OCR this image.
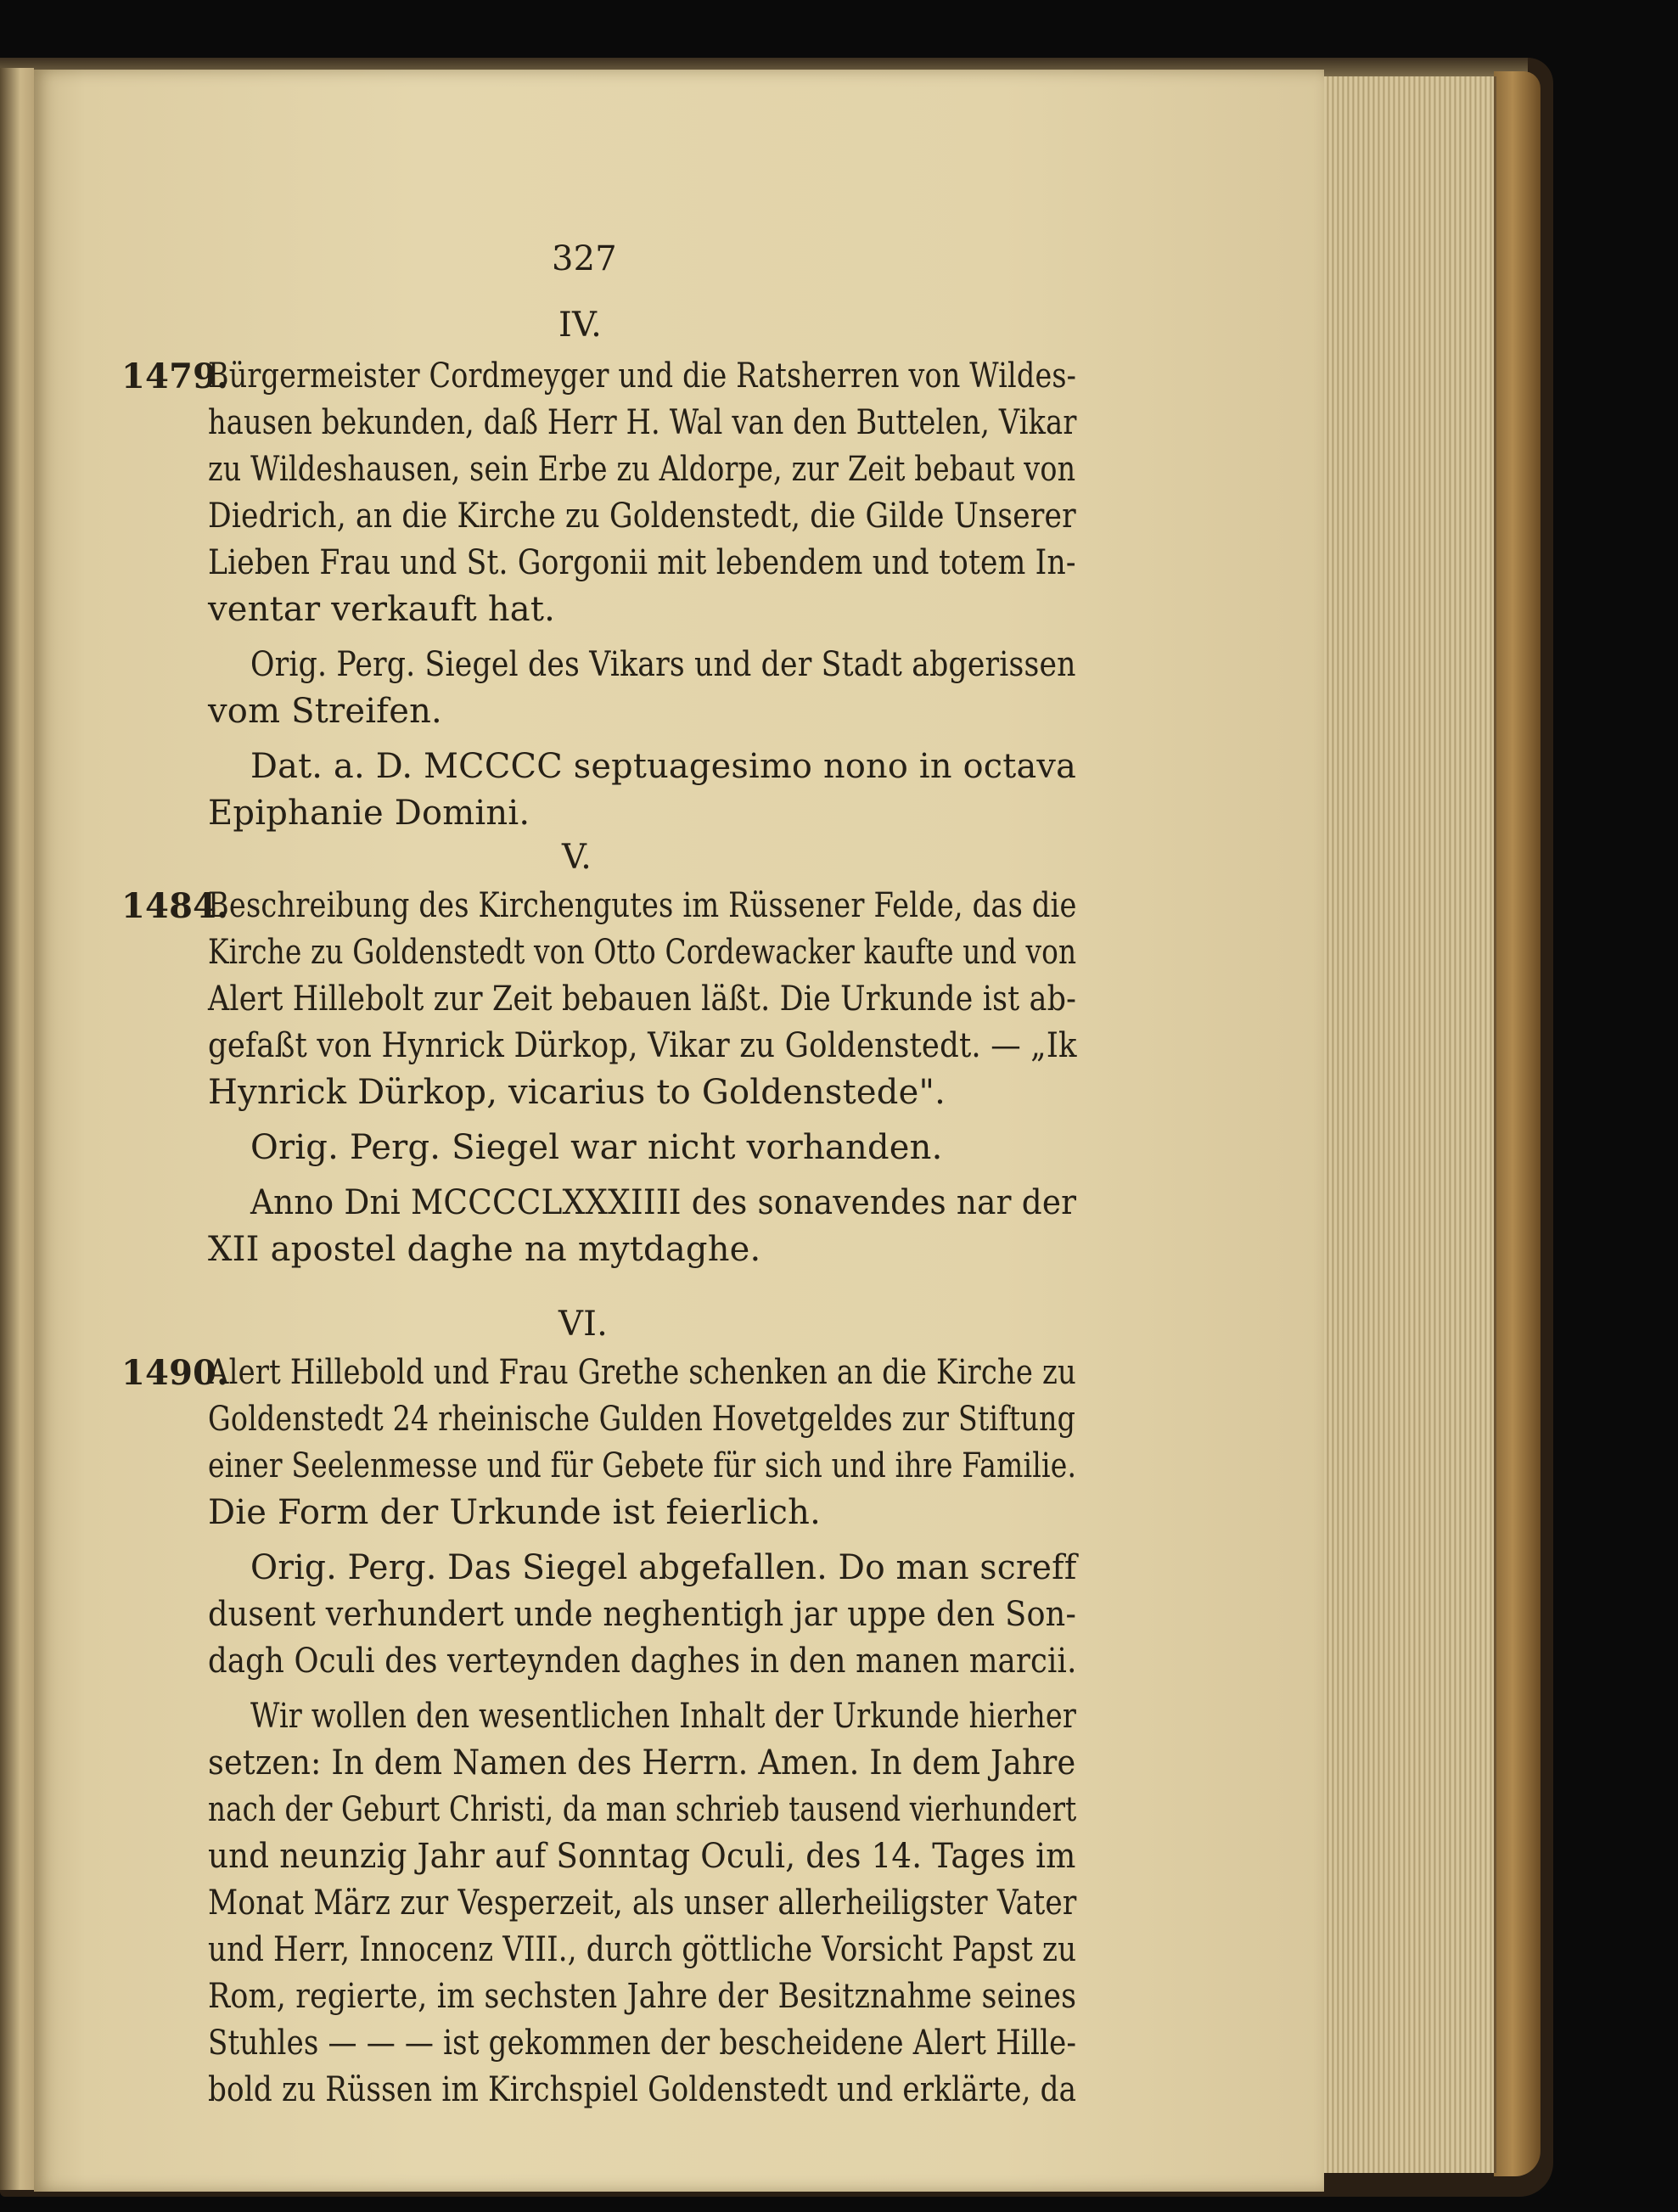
327
IV.
1479.
Bürgermeister Cordmeyger und die Ratsherren von Wildes-
hausen bekunden, daß Herr H. Wal van den Buttelen, Vikar
zu Wildeshausen, sein Erbe zu Aldorpe, zur Zeit bebaut von
Diedrich, an die Kirche zu Goldenstedt, die Gilde Unserer
Lieben Frau und St. Gorgonii mit lebendem und totem In-
ventar verkauft hat.
Orig. Perg. Siegel des Vikars und der Stadt abgerissen
vom Streifen.
Dat. a. D. MCCCC septuagesimo nono in octava
Epiphanie Domini.
V.
1484.
Beschreibung des Kirchengutes im Rüssener Felde, das die
Kirche zu Goldenstedt von Otto Cordewacker kaufte und von
Alert Hillebolt zur Zeit bebauen läßt. Die Urkunde ist ab-
gefaßt von Hynrick Dürkop, Vikar zu Goldenstedt. — „Ik
Hynrick Dürkop, vicarius to Goldenstede".
Orig. Perg. Siegel war nicht vorhanden.
Anno Dni MCCCCLXXXIIII des sonavendes nar der
XII apostel daghe na mytdaghe.
VI.
1490.
Alert Hillebold und Frau Grethe schenken an die Kirche zu
Goldenstedt 24 rheinische Gulden Hovetgeldes zur Stiftung
einer Seelenmesse und für Gebete für sich und ihre Familie.
Die Form der Urkunde ist feierlich.
Orig. Perg. Das Siegel abgefallen. Do man screff
dusent verhundert unde neghentigh jar uppe den Son-
dagh Oculi des verteynden daghes in den manen marcii.
Wir wollen den wesentlichen Inhalt der Urkunde hierher
setzen: In dem Namen des Herrn. Amen. In dem Jahre
nach der Geburt Christi, da man schrieb tausend vierhundert
und neunzig Jahr auf Sonntag Oculi, des 14. Tages im
Monat März zur Vesperzeit, als unser allerheiligster Vater
und Herr, Innocenz VIII., durch göttliche Vorsicht Papst zu
Rom, regierte, im sechsten Jahre der Besitznahme seines
Stuhles — — — ist gekommen der bescheidene Alert Hille-
bold zu Rüssen im Kirchspiel Goldenstedt und erklärte, da
